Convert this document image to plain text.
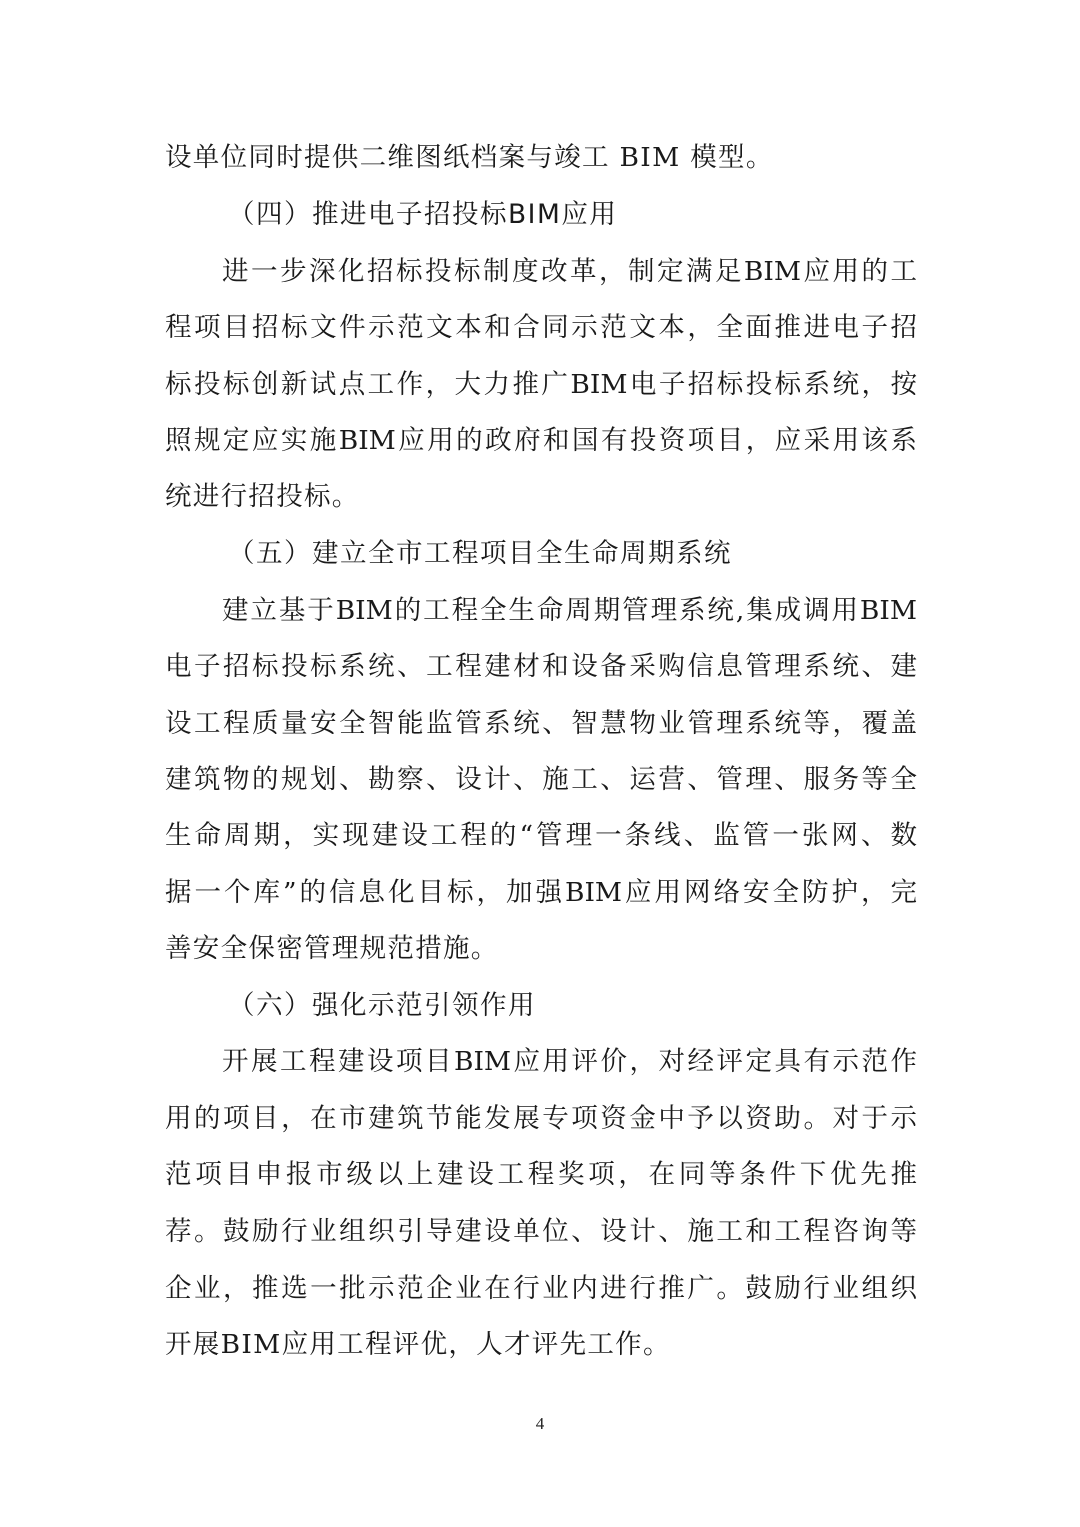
设单位同时提供二维图纸档案与竣工 BIM 模型。
（四）推进电子招投标BIM应用
进一步深化招标投标制度改革，制定满足BIM应用的工
程项目招标文件示范文本和合同示范文本，全面推进电子招
标投标创新试点工作，大力推广BIM电子招标投标系统，按
照规定应实施BIM应用的政府和国有投资项目，应采用该系
统进行招投标。
（五）建立全市工程项目全生命周期系统
建立基于BIM的工程全生命周期管理系统,集成调用BIM
电子招标投标系统、工程建材和设备采购信息管理系统、建
设工程质量安全智能监管系统、智慧物业管理系统等，覆盖
建筑物的规划、勘察、设计、施工、运营、管理、服务等全
生命周期，实现建设工程的“管理一条线、监管一张网、数
据一个库”的信息化目标，加强BIM应用网络安全防护，完
善安全保密管理规范措施。
（六）强化示范引领作用
开展工程建设项目BIM应用评价，对经评定具有示范作
用的项目，在市建筑节能发展专项资金中予以资助。对于示
范项目申报市级以上建设工程奖项，在同等条件下优先推
荐。鼓励行业组织引导建设单位、设计、施工和工程咨询等
企业，推选一批示范企业在行业内进行推广。鼓励行业组织
开展BIM应用工程评优，人才评先工作。
4
